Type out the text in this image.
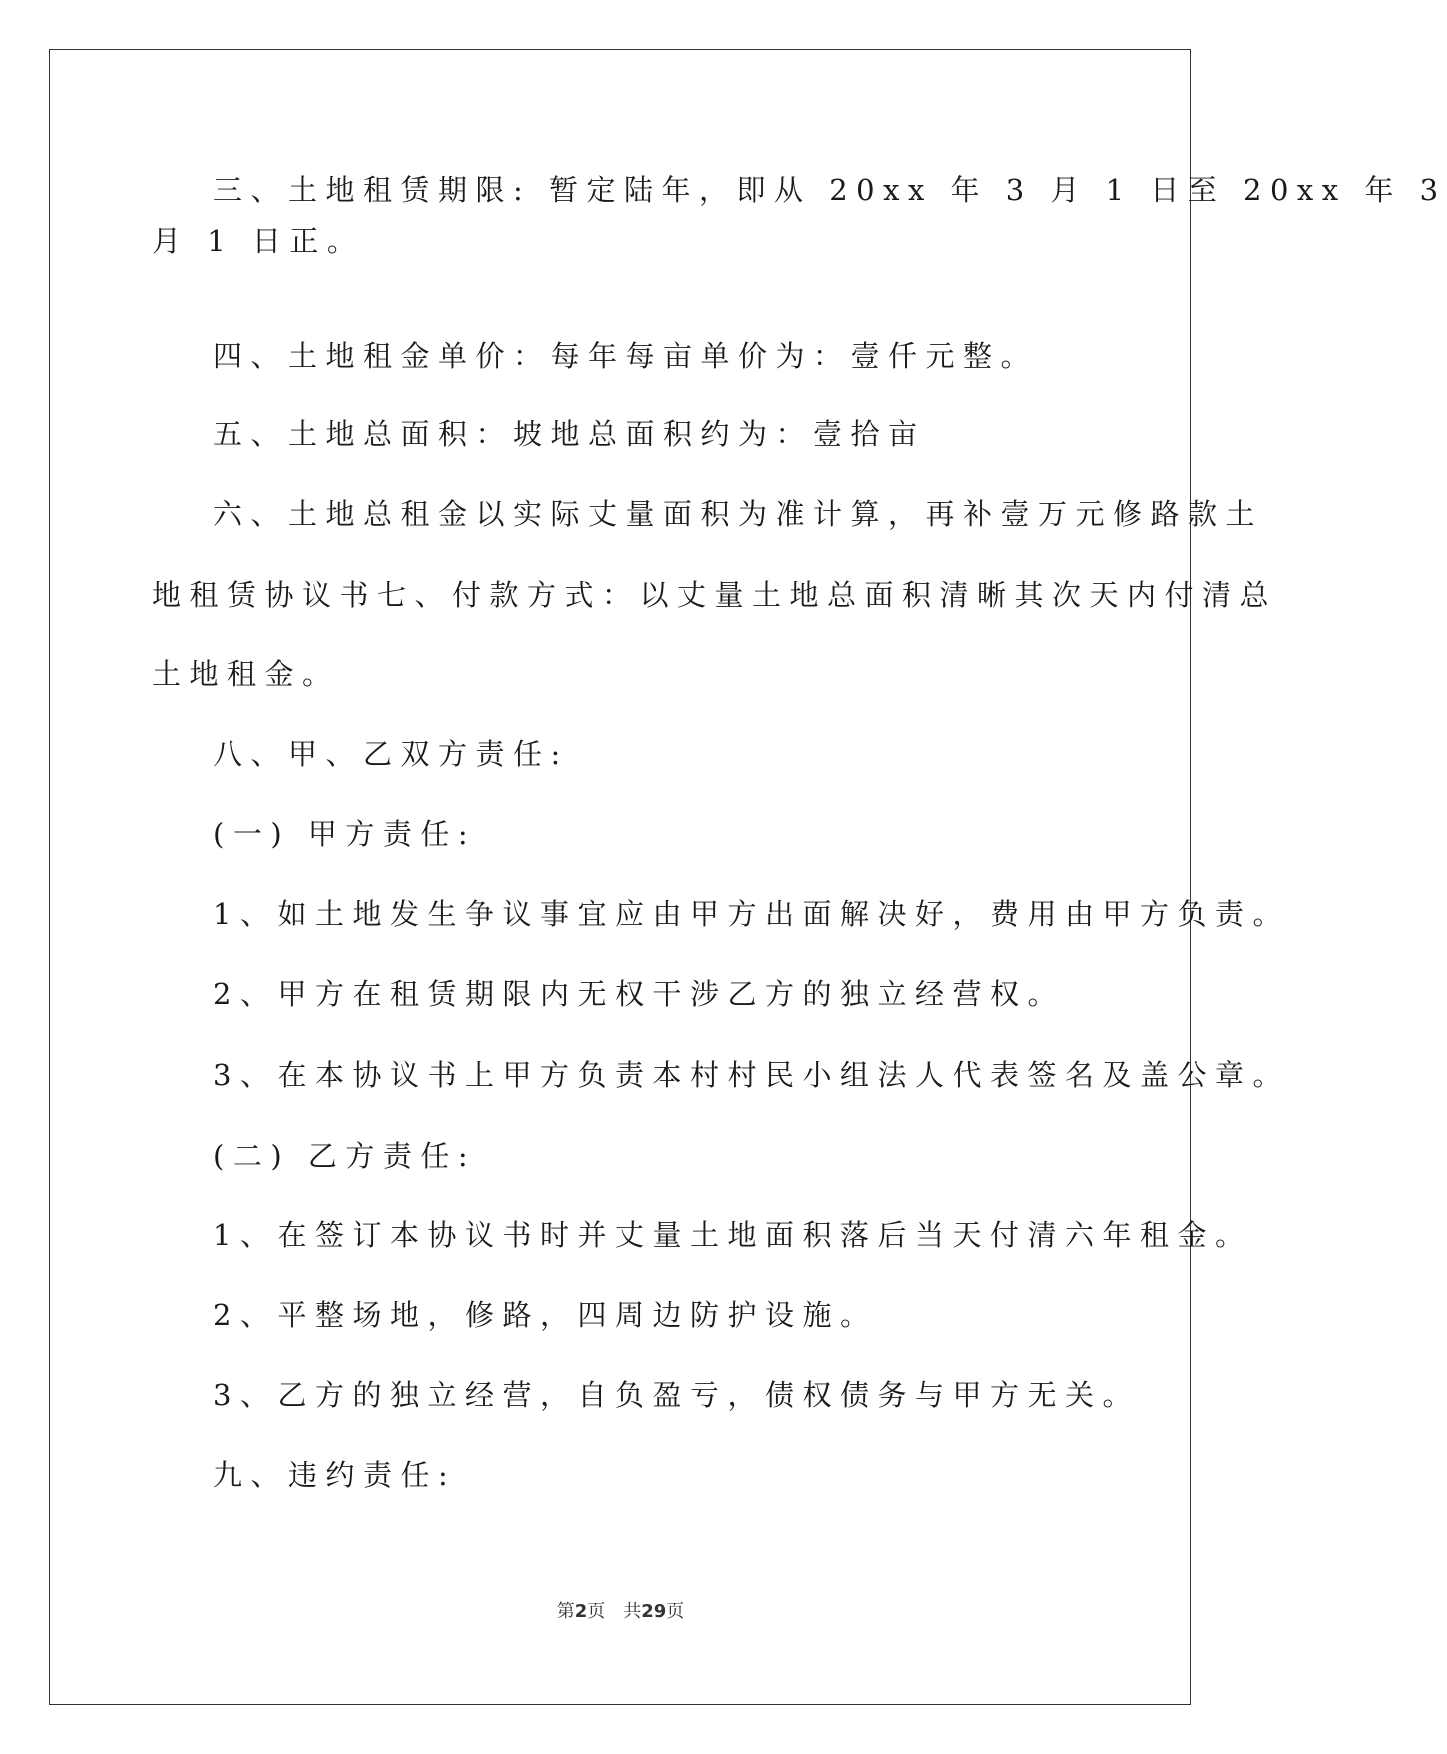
三、土地租赁期限: 暂定陆年，即从 20xx 年 3 月 1 日至 20xx 年 3
月 1 日正。
四、土地租金单价：每年每亩单价为：壹仟元整。
五、土地总面积：坡地总面积约为：壹拾亩
六、土地总租金以实际丈量面积为准计算，再补壹万元修路款土
地租赁协议书七、付款方式：以丈量土地总面积清晰其次天内付清总
土地租金。
八、甲、乙双方责任:
(一) 甲方责任:
1、如土地发生争议事宜应由甲方出面解决好，费用由甲方负责。
2、甲方在租赁期限内无权干涉乙方的独立经营权。
3、在本协议书上甲方负责本村村民小组法人代表签名及盖公章。
(二) 乙方责任:
1、在签订本协议书时并丈量土地面积落后当天付清六年租金。
2、平整场地，修路，四周边防护设施。
3、乙方的独立经营，自负盈亏，债权债务与甲方无关。
九、违约责任:
第2页 共29页
